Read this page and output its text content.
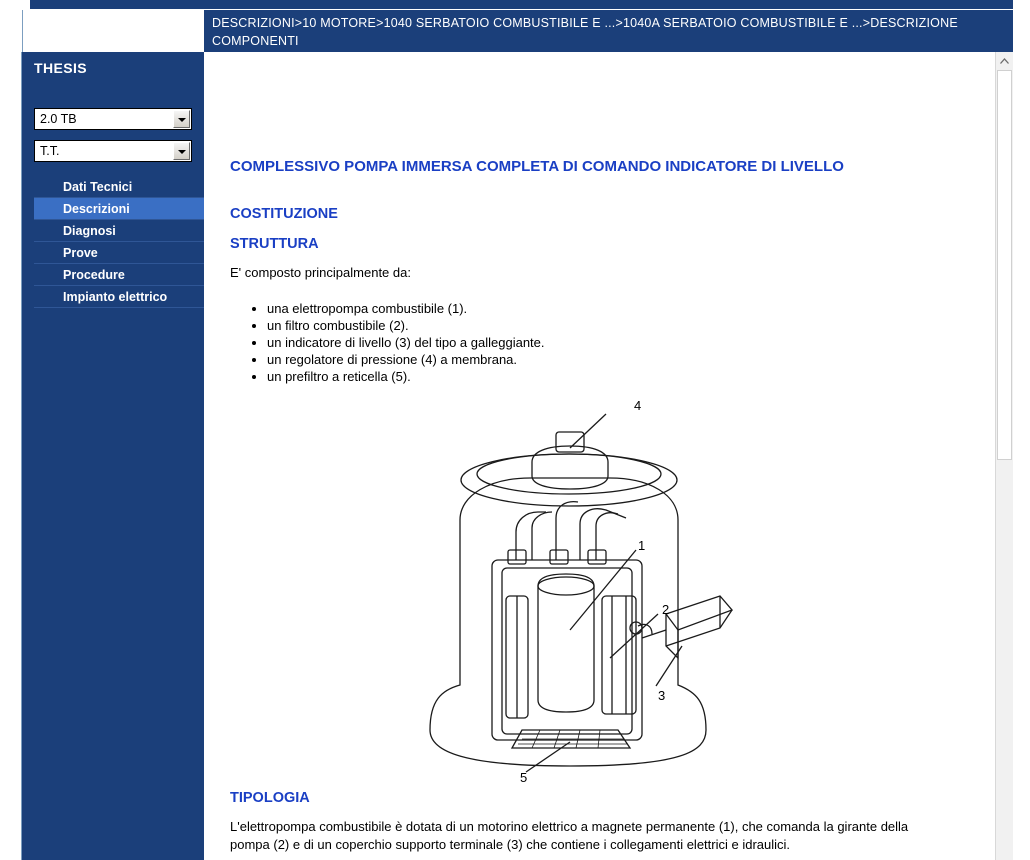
DESCRIZIONI>10 MOTORE>1040 SERBATOIO COMBUSTIBILE E ...>1040A SERBATOIO COMBUSTIBILE E ...>DESCRIZIONE COMPONENTI
THESIS
2.0 TB
T.T.
Dati Tecnici
Descrizioni
Diagnosi
Prove
Procedure
Impianto elettrico
COMPLESSIVO POMPA IMMERSA COMPLETA DI COMANDO INDICATORE DI LIVELLO
COSTITUZIONE
STRUTTURA

E' composto principalmente da:

• una elettropompa combustibile (1).
• un filtro combustibile (2).
• un indicatore di livello (3) del tipo a galleggiante.
• un regolatore di pressione (4) a membrana.
• un prefiltro a reticella (5).
4
1
2
3
5
TIPOLOGIA
L'elettropompa combustibile è dotata di un motorino elettrico a magnete permanente (1), che comanda la girante della pompa (2) e di un coperchio supporto terminale (3) che contiene i collegamenti elettrici e idraulici.
